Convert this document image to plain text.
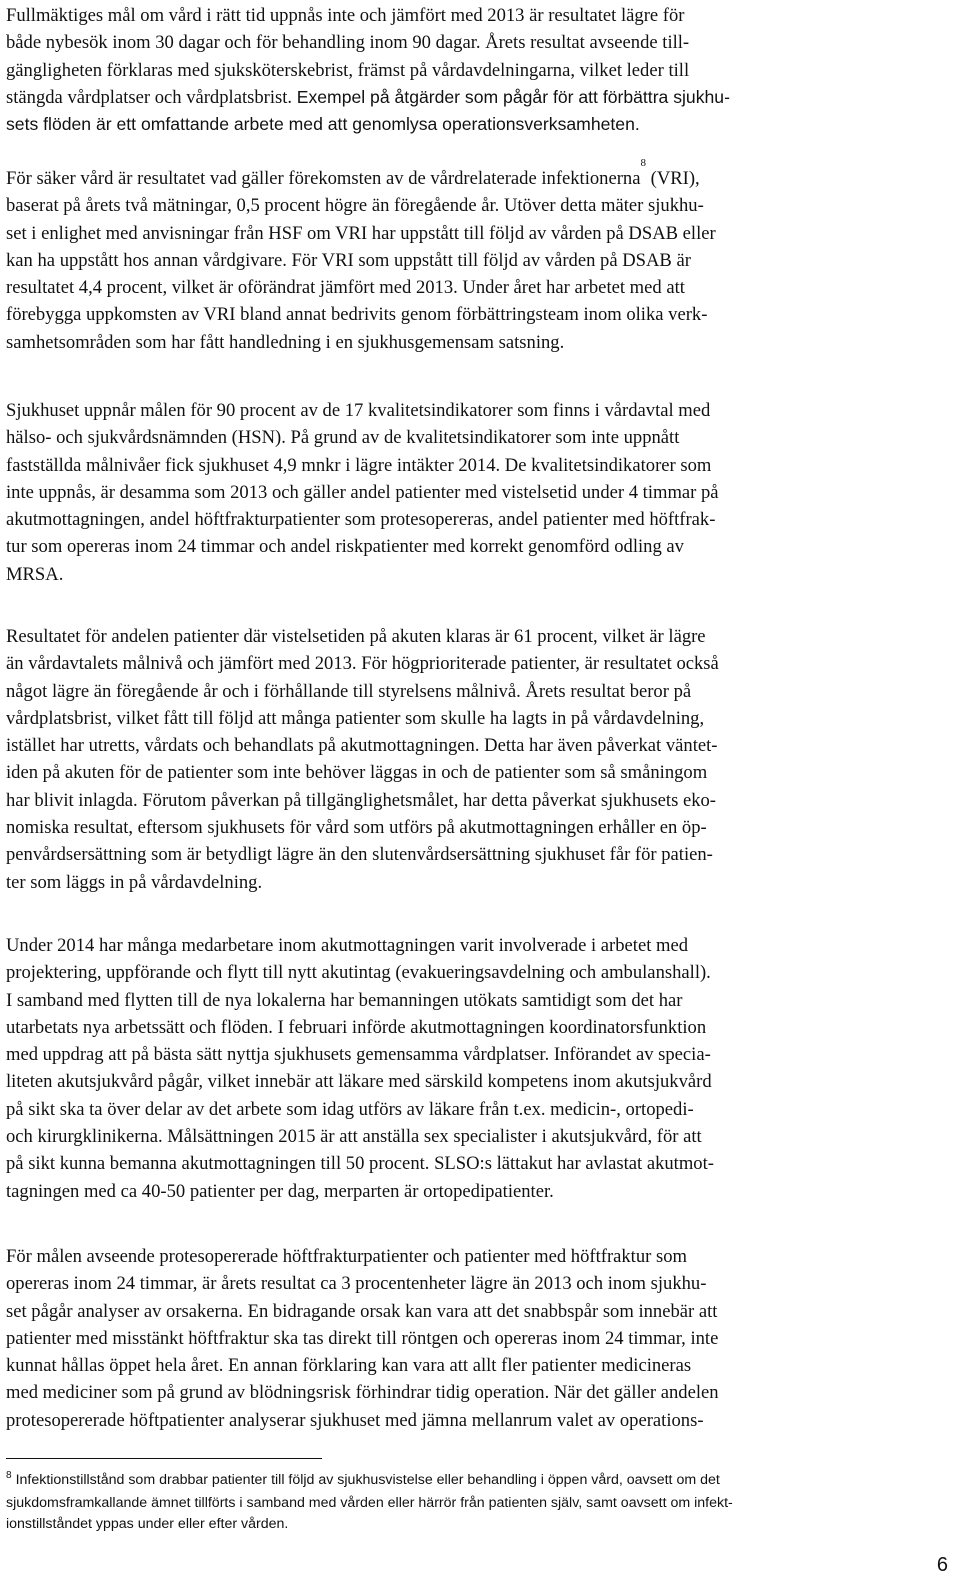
Fullmäktiges mål om vård i rätt tid uppnås inte och jämfört med 2013 är resultatet lägre för
både nybesök inom 30 dagar och för behandling inom 90 dagar. Årets resultat avseende till-
gängligheten förklaras med sjuksköterskebrist, främst på vårdavdelningarna, vilket leder till
stängda vårdplatser och vårdplatsbrist. Exempel på åtgärder som pågår för att förbättra sjukhu-
sets flöden är ett omfattande arbete med att genomlysa operationsverksamheten.

För säker vård är resultatet vad gäller förekomsten av de vårdrelaterade infektionerna$^8$ (VRI),
baserat på årets två mätningar, 0,5 procent högre än föregående år. Utöver detta mäter sjukhu-
set i enlighet med anvisningar från HSF om VRI har uppstått till följd av vården på DSAB eller
kan ha uppstått hos annan vårdgivare. För VRI som uppstått till följd av vården på DSAB är
resultatet 4,4 procent, vilket är oförändrat jämfört med 2013. Under året har arbetet med att
förebygga uppkomsten av VRI bland annat bedrivits genom förbättringsteam inom olika verk-
samhetsområden som har fått handledning i en sjukhusgemensam satsning.

Sjukhuset uppnår målen för 90 procent av de 17 kvalitetsindikatorer som finns i vårdavtal med
hälso- och sjukvårdsnämnden (HSN). På grund av de kvalitetsindikatorer som inte uppnått
fastställda målnivåer fick sjukhuset 4,9 mnkr i lägre intäkter 2014. De kvalitetsindikatorer som
inte uppnås, är desamma som 2013 och gäller andel patienter med vistelsetid under 4 timmar på
akutmottagningen, andel höftfrakturpatienter som protesopereras, andel patienter med höftfrak-
tur som opereras inom 24 timmar och andel riskpatienter med korrekt genomförd odling av
MRSA.

Resultatet för andelen patienter där vistelsetiden på akuten klaras är 61 procent, vilket är lägre
än vårdavtalets målnivå och jämfört med 2013. För högprioriterade patienter, är resultatet också
något lägre än föregående år och i förhållande till styrelsens målnivå. Årets resultat beror på
vårdplatsbrist, vilket fått till följd att många patienter som skulle ha lagts in på vårdavdelning,
istället har utretts, vårdats och behandlats på akutmottagningen. Detta har även påverkat väntet-
iden på akuten för de patienter som inte behöver läggas in och de patienter som så småningom
har blivit inlagda. Förutom påverkan på tillgänglighetsmålet, har detta påverkat sjukhusets eko-
nomiska resultat, eftersom sjukhusets för vård som utförs på akutmottagningen erhåller en öp-
penvårdsersättning som är betydligt lägre än den slutenvårdsersättning sjukhuset får för patien-
ter som läggs in på vårdavdelning.

Under 2014 har många medarbetare inom akutmottagningen varit involverade i arbetet med
projektering, uppförande och flytt till nytt akutintag (evakueringsavdelning och ambulanshall).
I samband med flytten till de nya lokalerna har bemanningen utökats samtidigt som det har
utarbetats nya arbetssätt och flöden. I februari införde akutmottagningen koordinatorsfunktion
med uppdrag att på bästa sätt nyttja sjukhusets gemensamma vårdplatser. Införandet av specia-
liteten akutsjukvård pågår, vilket innebär att läkare med särskild kompetens inom akutsjukvård
på sikt ska ta över delar av det arbete som idag utförs av läkare från t.ex. medicin-, ortopedi-
och kirurgklinikerna. Målsättningen 2015 är att anställa sex specialister i akutsjukvård, för att
på sikt kunna bemanna akutmottagningen till 50 procent. SLSO:s lättakut har avlastat akutmot-
tagningen med ca 40-50 patienter per dag, merparten är ortopedipatienter.

För målen avseende protesopererade höftfrakturpatienter och patienter med höftfraktur som
opereras inom 24 timmar, är årets resultat ca 3 procentenheter lägre än 2013 och inom sjukhu-
set pågår analyser av orsakerna. En bidragande orsak kan vara att det snabbspår som innebär att
patienter med misstänkt höftfraktur ska tas direkt till röntgen och opereras inom 24 timmar, inte
kunnat hållas öppet hela året. En annan förklaring kan vara att allt fler patienter medicineras
med mediciner som på grund av blödningsrisk förhindrar tidig operation. När det gäller andelen
protesopererade höftpatienter analyserar sjukhuset med jämna mellanrum valet av operations-

$^8$ Infektionstillstånd som drabbar patienter till följd av sjukhusvistelse eller behandling i öppen vård, oavsett om det
sjukdomsframkallande ämnet tillförts i samband med vården eller härrör från patienten själv, samt oavsett om infekt-
ionstillståndet yppas under eller efter vården.

6
